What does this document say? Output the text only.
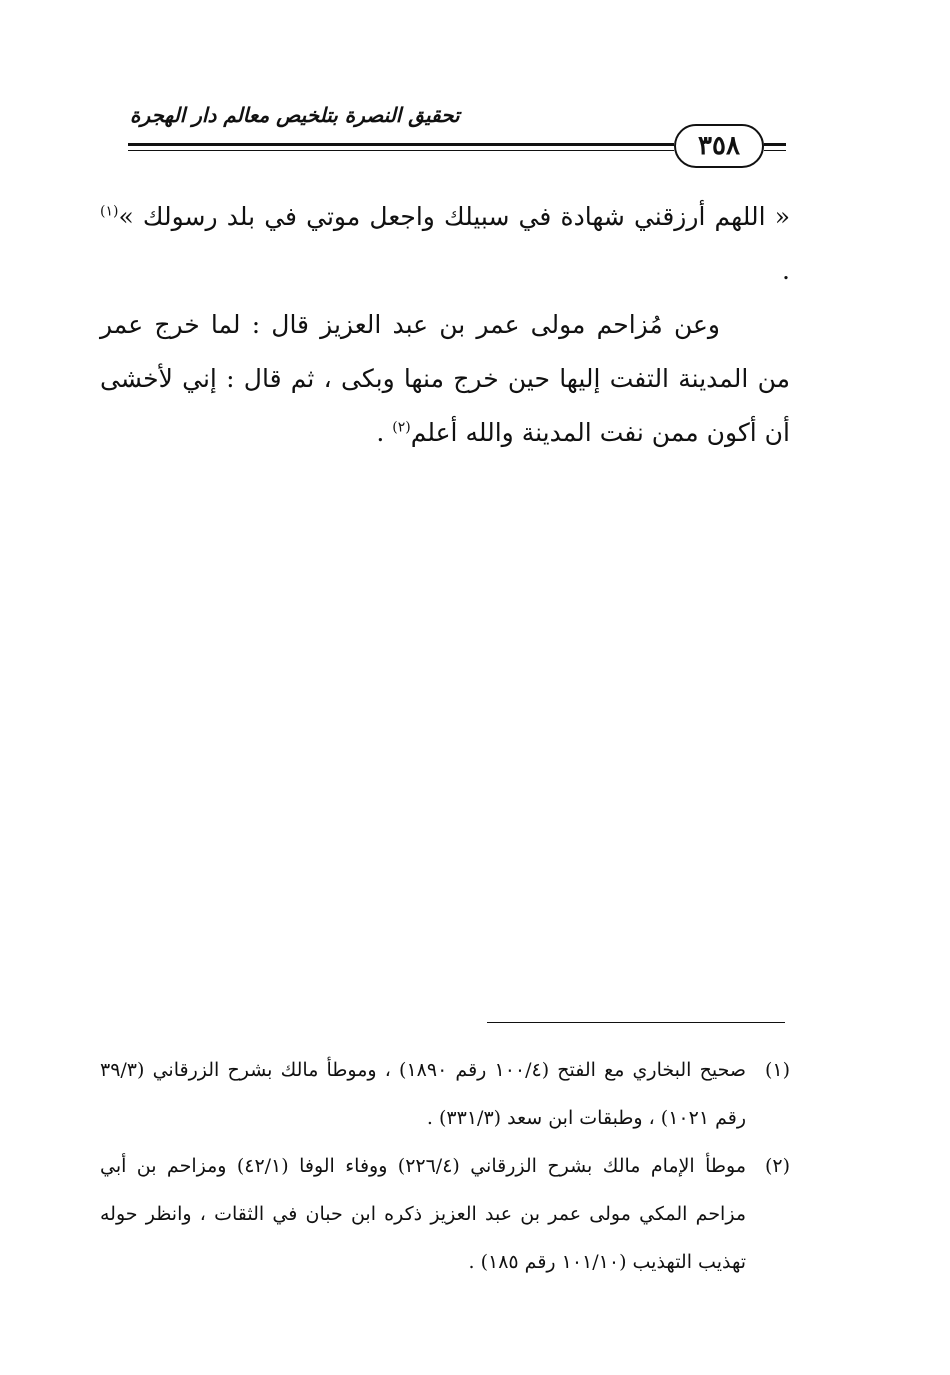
تحقيق النصرة بتلخيص معالم دار الهجرة
٣٥٨

« اللهم أرزقني شهادة في سبيلك واجعل موتي في بلد رسولك »$^{(١)}$ .

وعن مُزاحم مولى عمر بن عبد العزيز قال : لما خرج عمر من المدينة التفت إليها حين خرج منها وبكى ، ثم قال : إني لأخشى أن أكون ممن نفت المدينة والله أعلم$^{(٢)}$ .

(١)
صحيح البخاري مع الفتح (١٠٠/٤ رقم ١٨٩٠) ، وموطأ مالك بشرح الزرقاني (٣٩/٣ رقم ١٠٢١) ، وطبقات ابن سعد (٣٣١/٣) .

(٢)
موطأ الإمام مالك بشرح الزرقاني (٢٢٦/٤) ووفاء الوفا (٤٢/١) ومزاحم بن أبي مزاحم المكي مولى عمر بن عبد العزيز ذكره ابن حبان في الثقات ، وانظر حوله تهذيب التهذيب (١٠١/١٠ رقم ١٨٥) .
